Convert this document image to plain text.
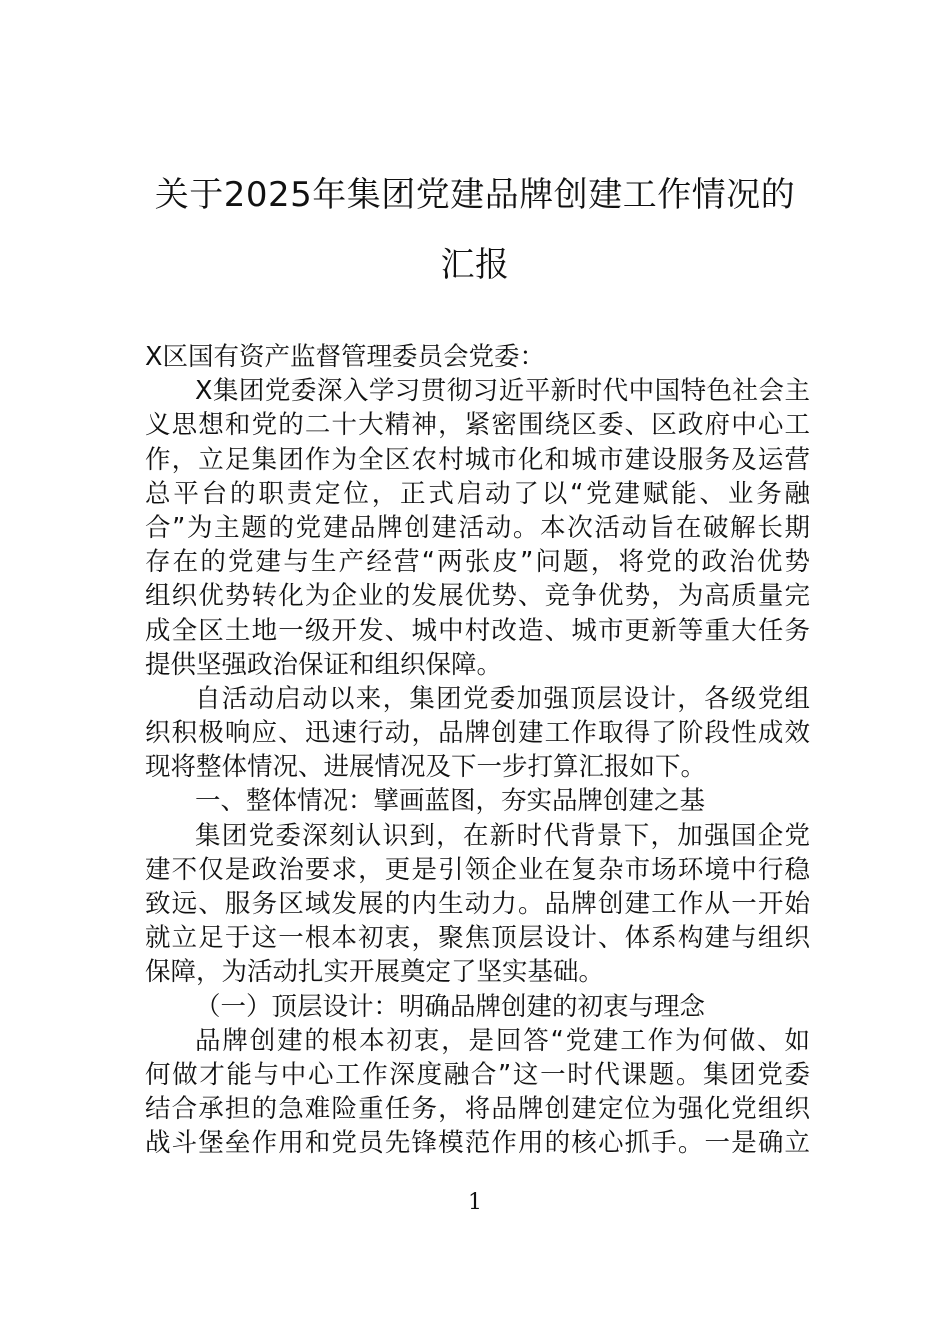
关于2025年集团党建品牌创建工作情况的
汇报
X区国有资产监督管理委员会党委：
X集团党委深入学习贯彻习近平新时代中国特色社会主
义思想和党的二十大精神，紧密围绕区委、区政府中心工
作，立足集团作为全区农村城市化和城市建设服务及运营
总平台的职责定位，正式启动了以“党建赋能、业务融
合”为主题的党建品牌创建活动。本次活动旨在破解长期
存在的党建与生产经营“两张皮”问题，将党的政治优势
组织优势转化为企业的发展优势、竞争优势，为高质量完
成全区土地一级开发、城中村改造、城市更新等重大任务
提供坚强政治保证和组织保障。
自活动启动以来，集团党委加强顶层设计，各级党组
织积极响应、迅速行动，品牌创建工作取得了阶段性成效
现将整体情况、进展情况及下一步打算汇报如下。
一、整体情况：擘画蓝图，夯实品牌创建之基
集团党委深刻认识到，在新时代背景下，加强国企党
建不仅是政治要求，更是引领企业在复杂市场环境中行稳
致远、服务区域发展的内生动力。品牌创建工作从一开始
就立足于这一根本初衷，聚焦顶层设计、体系构建与组织
保障，为活动扎实开展奠定了坚实基础。
（一）顶层设计：明确品牌创建的初衷与理念
品牌创建的根本初衷，是回答“党建工作为何做、如
何做才能与中心工作深度融合”这一时代课题。集团党委
结合承担的急难险重任务，将品牌创建定位为强化党组织
战斗堡垒作用和党员先锋模范作用的核心抓手。一是确立
1
